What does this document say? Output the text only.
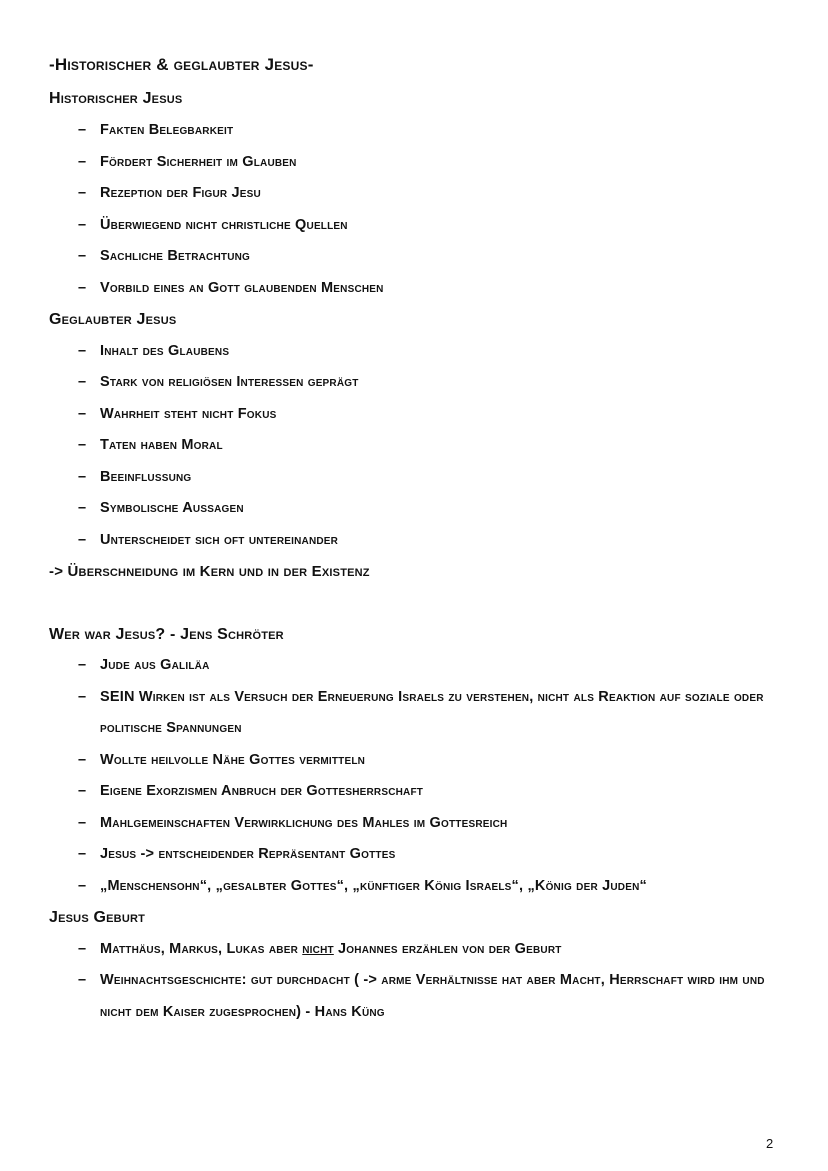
-Historischer & geglaubter Jesus-
Historischer Jesus
– Fakten Belegbarkeit
– Fördert Sicherheit im Glauben
– Rezeption der Figur Jesu
– Überwiegend nicht christliche Quellen
– Sachliche Betrachtung
– Vorbild eines an Gott glaubenden Menschen
Geglaubter Jesus
– Inhalt des Glaubens
– Stark von religiösen Interessen geprägt
– Wahrheit steht nicht Fokus
– Taten haben Moral
– Beeinflussung
– Symbolische Aussagen
– Unterscheidet sich oft untereinander
-> Überschneidung im Kern und in der Existenz
Wer war Jesus? - Jens Schröter
– Jude aus Galiläa
– SEIN Wirken ist als Versuch der Erneuerung Israels zu verstehen, nicht als Reaktion auf soziale oder
politische Spannungen
– Wollte heilvolle Nähe Gottes vermitteln
– Eigene Exorzismen Anbruch der Gottesherrschaft
– Mahlgemeinschaften Verwirklichung des Mahles im Gottesreich
– Jesus -> entscheidender Repräsentant Gottes
– „Menschensohn“, „gesalbter Gottes“, „künftiger König Israels“, „König der Juden“
Jesus Geburt
– Matthäus, Markus, Lukas aber nicht Johannes erzählen von der Geburt
– Weihnachtsgeschichte: gut durchdacht ( -> arme Verhältnisse hat aber Macht, Herrschaft wird ihm und
nicht dem Kaiser zugesprochen) - Hans Küng
2
